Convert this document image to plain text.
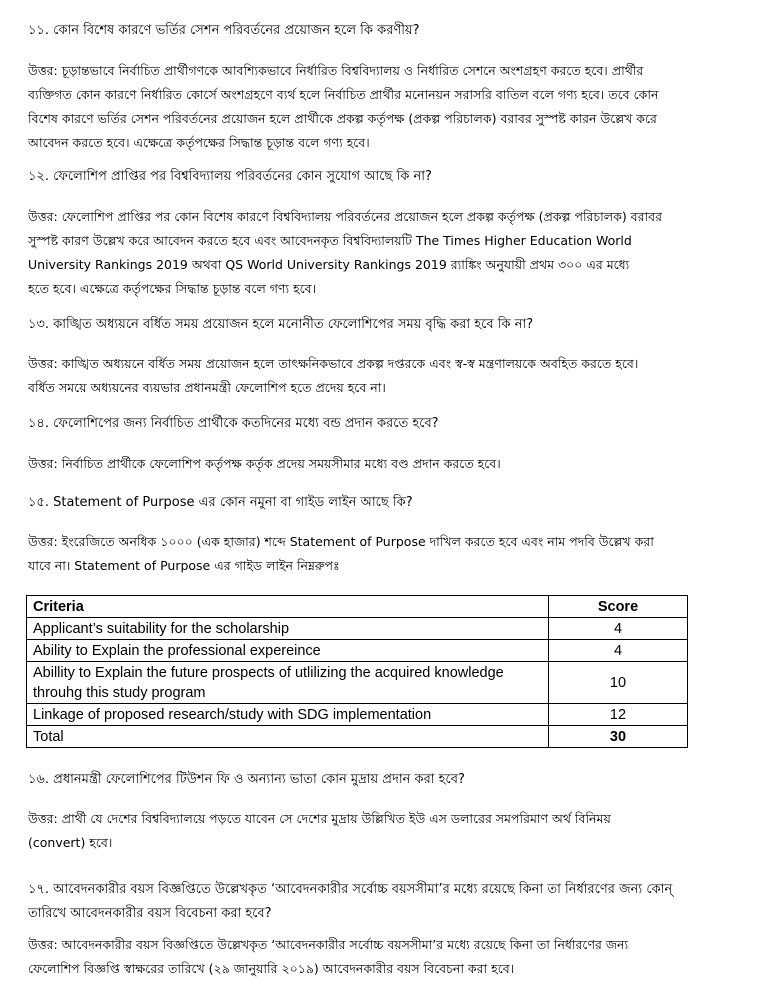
১১. কোন বিশেষ কারণে ভর্তির সেশন পরিবর্তনের প্রয়োজন হলে কি করণীয়?
উত্তর: চূড়ান্তভাবে নির্বাচিত প্রার্থীগণকে আবশ্যিকভাবে নির্ধারিত বিশ্ববিদ্যালয় ও নির্ধারিত সেশনে অংশগ্রহণ করতে হবে। প্রার্থীর
ব্যক্তিগত কোন কারণে নির্ধারিত কোর্সে অংশগ্রহণে ব্যর্থ হলে নির্বাচিত প্রার্থীর মনোনয়ন সরাসরি বাতিল বলে গণ্য হবে। তবে কোন
বিশেষ কারণে ভর্তির সেশন পরিবর্তনের প্রয়োজন হলে প্রার্থীকে প্রকল্প কর্তৃপক্ষ (প্রকল্প পরিচালক) বরাবর সুস্পষ্ট কারন উল্লেখ করে
আবেদন করতে হবে। এক্ষেত্রে কর্তৃপক্ষের সিদ্ধান্ত চূড়ান্ত বলে গণ্য হবে।
১২. ফেলোশিপ প্রাপ্তির পর বিশ্ববিদ্যালয় পরিবর্তনের কোন সুযোগ আছে কি না?
উত্তর: ফেলোশিপ প্রাপ্তির পর কোন বিশেষ কারণে বিশ্ববিদ্যালয় পরিবর্তনের প্রয়োজন হলে প্রকল্প কর্তৃপক্ষ (প্রকল্প পরিচালক) বরাবর
সুস্পষ্ট কারণ উল্লেখ করে আবেদন করতে হবে এবং আবেদনকৃত বিশ্ববিদ্যালয়টি The Times Higher Education World
University Rankings 2019 অথবা QS World University Rankings 2019 র‌্যাঙ্কিং অনুযায়ী প্রথম ৩০০ এর মধ্যে
হতে হবে। এক্ষেত্রে কর্তৃপক্ষের সিদ্ধান্ত চূড়ান্ত বলে গণ্য হবে।
১৩. কাঙ্খিত অধ্যয়নে বর্ধিত সময় প্রয়োজন হলে মনোনীত ফেলোশিপের সময় বৃদ্ধি করা হবে কি না?
উত্তর: কাঙ্খিত অধ্যয়নে বর্ধিত সময় প্রয়োজন হলে তাৎক্ষনিকভাবে প্রকল্প দপ্তরকে এবং স্ব-স্ব মন্ত্রণালয়কে অবহিত করতে হবে।
বর্ধিত সময়ে অধ্যয়নের ব্যয়ভার প্রধানমন্ত্রী ফেলোশিপ হতে প্রদেয় হবে না।
১৪. ফেলোশিপের জন্য নির্বাচিত প্রার্থীকে কতদিনের মধ্যে বন্ড প্রদান করতে হবে?
উত্তর: নির্বাচিত প্রার্থীকে ফেলোশিপ কর্তৃপক্ষ কর্তৃক প্রদেয় সময়সীমার মধ্যে বণ্ড প্রদান করতে হবে।
১৫. Statement of Purpose এর কোন নমুনা বা গাইড লাইন আছে কি?
উত্তর: ইংরেজিতে অনধিক ১০০০ (এক হাজার) শব্দে Statement of Purpose দাখিল করতে হবে এবং নাম পদবি উল্লেখ করা
যাবে না। Statement of Purpose এর গাইড লাইন নিম্নরুপঃ
Criteria	Score
Applicant’s suitability for the scholarship	4
Ability to Explain the professional expereince	4
Abillity to Explain the future prospects of utlilizing the acquired knowledge throuhg this study program	10
Linkage of proposed research/study with SDG implementation	12
Total	30
১৬. প্রধানমন্ত্রী ফেলোশিপের টিউশন ফি ও অন্যান্য ভাতা কোন মুদ্রায় প্রদান করা হবে?
উত্তর: প্রার্থী যে দেশের বিশ্ববিদ্যালয়ে পড়তে যাবেন সে দেশের মুদ্রায় উল্লিখিত ইউ এস ডলারের সমপরিমাণ অর্থ বিনিময়
(convert) হবে।
১৭. আবেদনকারীর বয়স বিজ্ঞপ্তিতে উল্লেখকৃত ‘আবেদনকারীর সর্বোচ্চ বয়সসীমা’র মধ্যে রয়েছে কিনা তা নির্ধারণের জন্য কোন্
তারিখে আবেদনকারীর বয়স বিবেচনা করা হবে?
উত্তর: আবেদনকারীর বয়স বিজ্ঞপ্তিতে উল্লেখকৃত ‘আবেদনকারীর সর্বোচ্চ বয়সসীমা’র মধ্যে রয়েছে কিনা তা নির্ধারণের জন্য
ফেলোশিপ বিজ্ঞপ্তি স্বাক্ষরের তারিখে (২৯ জানুয়ারি ২০১৯) আবেদনকারীর বয়স বিবেচনা করা হবে।
